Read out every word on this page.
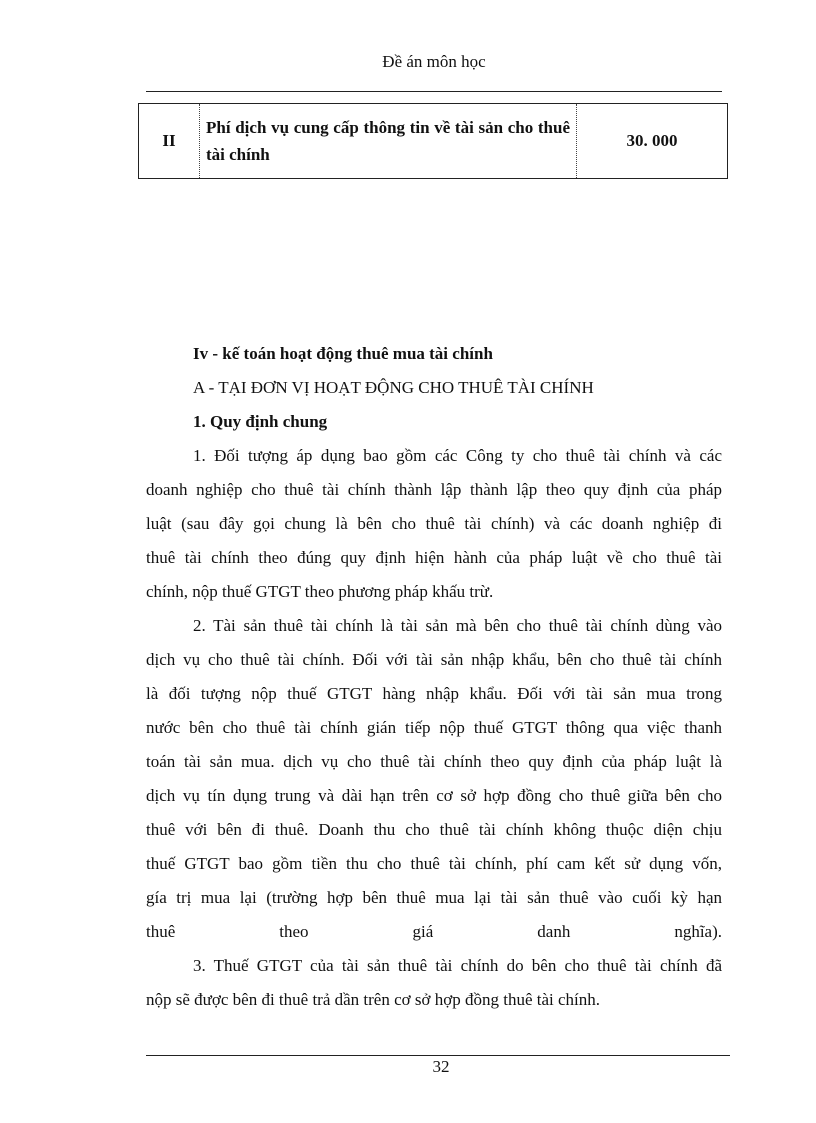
Đề án môn học
II	Phí dịch vụ cung cấp thông tin về tài sản cho thuê tài chính	30. 000
Iv - kế toán hoạt động thuê mua tài chính
A - TẠI ĐƠN VỊ HOẠT ĐỘNG CHO THUÊ TÀI CHÍNH
1. Quy định chung
1. Đối tượng áp dụng bao gồm các Công ty cho thuê tài chính và các
doanh nghiệp cho thuê tài chính thành lập thành lập theo quy định của pháp
luật (sau đây gọi chung là bên cho thuê tài chính) và các doanh nghiệp đi
thuê tài chính theo đúng quy định hiện hành của pháp luật về cho thuê tài
chính, nộp thuế GTGT theo phương pháp khấu trừ.
2. Tài sản thuê tài chính là tài sản mà bên cho thuê tài chính dùng vào
dịch vụ cho thuê tài chính. Đối với tài sản nhập khẩu, bên cho thuê tài chính
là đối tượng nộp thuế GTGT hàng nhập khẩu. Đối với tài sản mua trong
nước bên cho thuê tài chính gián tiếp nộp thuế GTGT thông qua việc thanh
toán tài sản mua. dịch vụ cho thuê tài chính theo quy định của pháp luật là
dịch vụ tín dụng trung và dài hạn trên cơ sở hợp đồng cho thuê giữa bên cho
thuê với bên đi thuê. Doanh thu cho thuê tài chính không thuộc diện chịu
thuế GTGT bao gồm tiền thu cho thuê tài chính, phí cam kết sử dụng vốn,
gía trị mua lại (trường hợp bên thuê mua lại tài sản thuê vào cuối kỳ hạn
thuê theo giá danh nghĩa).
3. Thuế GTGT của tài sản thuê tài chính do bên cho thuê tài chính đã
nộp sẽ được bên đi thuê trả dần trên cơ sở hợp đồng thuê tài chính.
32
